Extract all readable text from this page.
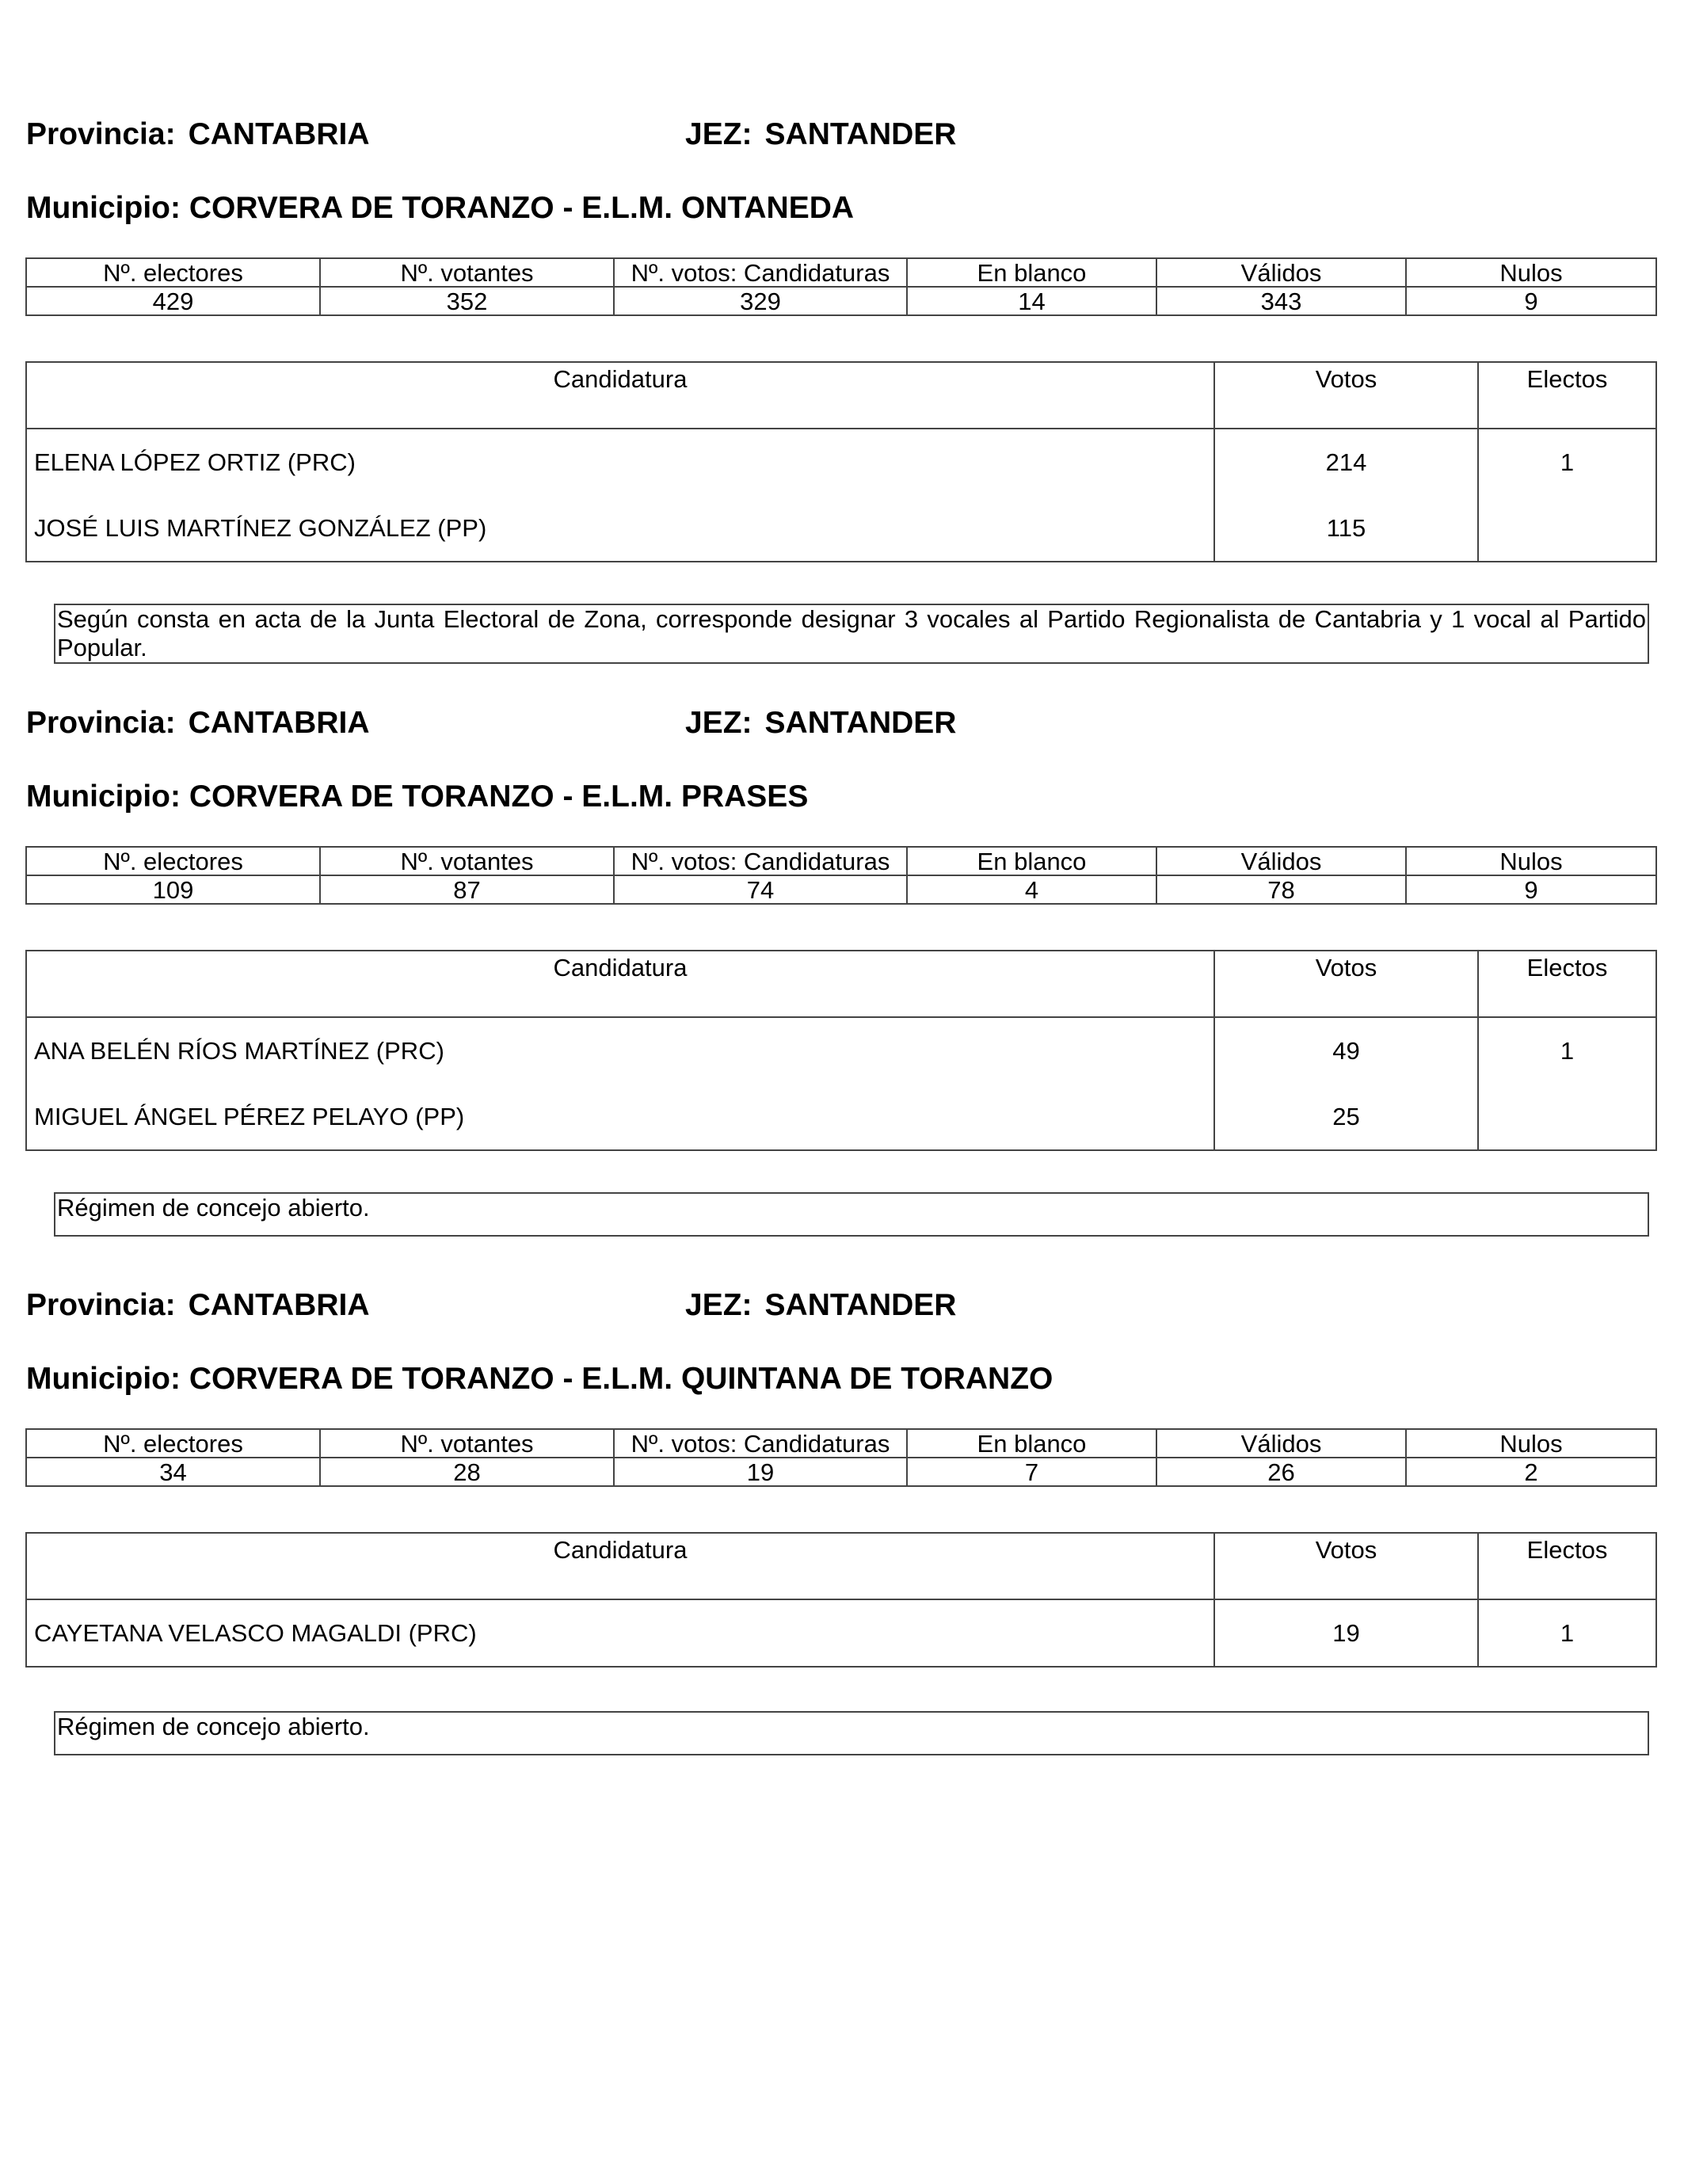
Provincia: CANTABRIA	JEZ: SANTANDER
Municipio: CORVERA DE TORANZO - E.L.M. ONTANEDA
Nº. electores	Nº. votantes	Nº. votos: Candidaturas	En blanco	Válidos	Nulos
429	352	329	14	343	9
Candidatura	Votos	Electos
ELENA LÓPEZ ORTIZ (PRC)	214	1
JOSÉ LUIS MARTÍNEZ GONZÁLEZ (PP)	115	
Según consta en acta de la Junta Electoral de Zona, corresponde designar 3 vocales al Partido Regionalista de Cantabria y 1 vocal al Partido Popular.
Provincia: CANTABRIA	JEZ: SANTANDER
Municipio: CORVERA DE TORANZO - E.L.M. PRASES
Nº. electores	Nº. votantes	Nº. votos: Candidaturas	En blanco	Válidos	Nulos
109	87	74	4	78	9
Candidatura	Votos	Electos
ANA BELÉN RÍOS MARTÍNEZ (PRC)	49	1
MIGUEL ÁNGEL PÉREZ PELAYO (PP)	25	
Régimen de concejo abierto.
Provincia: CANTABRIA	JEZ: SANTANDER
Municipio: CORVERA DE TORANZO - E.L.M. QUINTANA DE TORANZO
Nº. electores	Nº. votantes	Nº. votos: Candidaturas	En blanco	Válidos	Nulos
34	28	19	7	26	2
Candidatura	Votos	Electos
CAYETANA VELASCO MAGALDI (PRC)	19	1
Régimen de concejo abierto.
